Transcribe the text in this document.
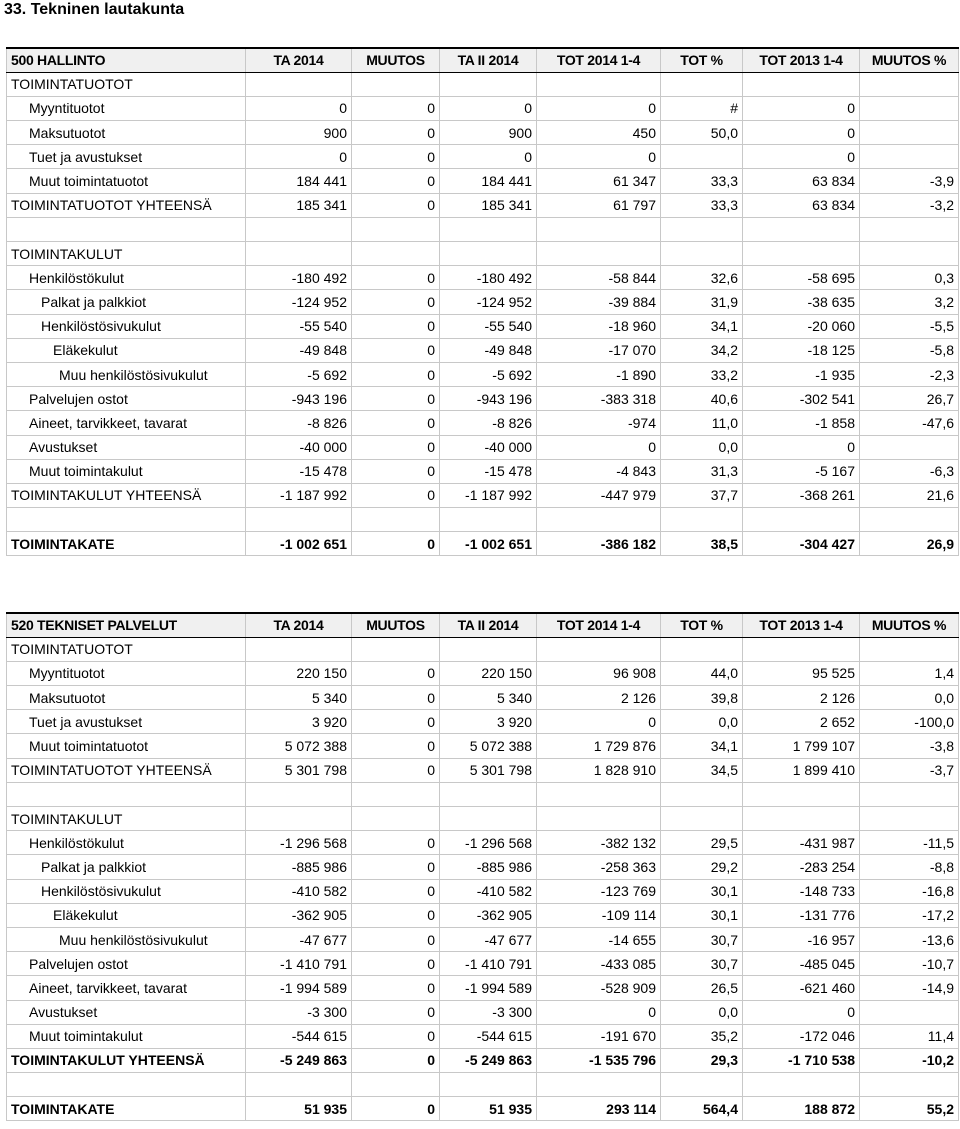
33. Tekninen lautakunta
500 HALLINTO	TA 2014	MUUTOS	TA II 2014	TOT 2014 1-4	TOT %	TOT 2013 1-4	MUUTOS %
TOIMINTATUOTOT							
Myyntituotot	0	0	0	0	#	0	
Maksutuotot	900	0	900	450	50,0	0	
Tuet ja avustukset	0	0	0	0		0	
Muut toimintatuotot	184 441	0	184 441	61 347	33,3	63 834	-3,9
TOIMINTATUOTOT YHTEENSÄ	185 341	0	185 341	61 797	33,3	63 834	-3,2

TOIMINTAKULUT							
Henkilöstökulut	-180 492	0	-180 492	-58 844	32,6	-58 695	0,3
Palkat ja palkkiot	-124 952	0	-124 952	-39 884	31,9	-38 635	3,2
Henkilöstösivukulut	-55 540	0	-55 540	-18 960	34,1	-20 060	-5,5
Eläkekulut	-49 848	0	-49 848	-17 070	34,2	-18 125	-5,8
Muu henkilöstösivukulut	-5 692	0	-5 692	-1 890	33,2	-1 935	-2,3
Palvelujen ostot	-943 196	0	-943 196	-383 318	40,6	-302 541	26,7
Aineet, tarvikkeet, tavarat	-8 826	0	-8 826	-974	11,0	-1 858	-47,6
Avustukset	-40 000	0	-40 000	0	0,0	0	
Muut toimintakulut	-15 478	0	-15 478	-4 843	31,3	-5 167	-6,3
TOIMINTAKULUT YHTEENSÄ	-1 187 992	0	-1 187 992	-447 979	37,7	-368 261	21,6

TOIMINTAKATE	-1 002 651	0	-1 002 651	-386 182	38,5	-304 427	26,9
520 TEKNISET PALVELUT	TA 2014	MUUTOS	TA II 2014	TOT 2014 1-4	TOT %	TOT 2013 1-4	MUUTOS %
TOIMINTATUOTOT							
Myyntituotot	220 150	0	220 150	96 908	44,0	95 525	1,4
Maksutuotot	5 340	0	5 340	2 126	39,8	2 126	0,0
Tuet ja avustukset	3 920	0	3 920	0	0,0	2 652	-100,0
Muut toimintatuotot	5 072 388	0	5 072 388	1 729 876	34,1	1 799 107	-3,8
TOIMINTATUOTOT YHTEENSÄ	5 301 798	0	5 301 798	1 828 910	34,5	1 899 410	-3,7

TOIMINTAKULUT							
Henkilöstökulut	-1 296 568	0	-1 296 568	-382 132	29,5	-431 987	-11,5
Palkat ja palkkiot	-885 986	0	-885 986	-258 363	29,2	-283 254	-8,8
Henkilöstösivukulut	-410 582	0	-410 582	-123 769	30,1	-148 733	-16,8
Eläkekulut	-362 905	0	-362 905	-109 114	30,1	-131 776	-17,2
Muu henkilöstösivukulut	-47 677	0	-47 677	-14 655	30,7	-16 957	-13,6
Palvelujen ostot	-1 410 791	0	-1 410 791	-433 085	30,7	-485 045	-10,7
Aineet, tarvikkeet, tavarat	-1 994 589	0	-1 994 589	-528 909	26,5	-621 460	-14,9
Avustukset	-3 300	0	-3 300	0	0,0	0	
Muut toimintakulut	-544 615	0	-544 615	-191 670	35,2	-172 046	11,4
TOIMINTAKULUT YHTEENSÄ	-5 249 863	0	-5 249 863	-1 535 796	29,3	-1 710 538	-10,2

TOIMINTAKATE	51 935	0	51 935	293 114	564,4	188 872	55,2
